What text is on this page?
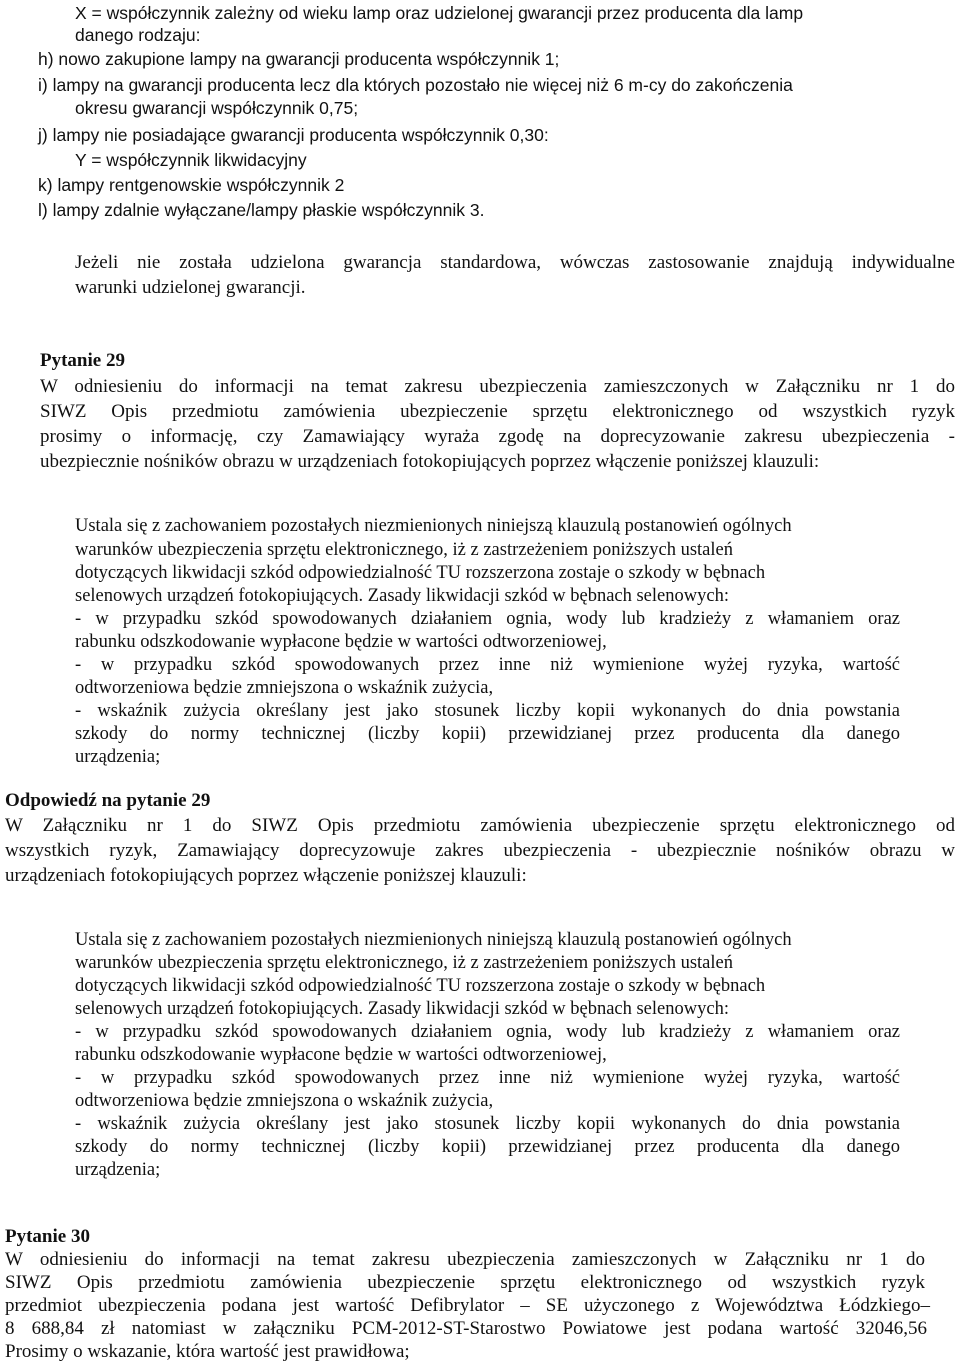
X = współczynnik zależny od wieku lamp oraz udzielonej gwarancji przez producenta dla lamp
danego rodzaju:
h) nowo zakupione lampy na gwarancji producenta współczynnik 1;
i) lampy na gwarancji producenta lecz dla których pozostało nie więcej niż 6 m-cy do zakończenia
okresu gwarancji współczynnik 0,75;
j) lampy nie posiadające gwarancji producenta współczynnik 0,30:
Y = współczynnik likwidacyjny
k) lampy rentgenowskie współczynnik 2
l) lampy zdalnie wyłączane/lampy płaskie współczynnik 3.
Jeżeli nie została udzielona gwarancja standardowa, wówczas zastosowanie znajdują indywidualne
warunki udzielonej gwarancji.
Pytanie 29
W odniesieniu do informacji na temat zakresu ubezpieczenia zamieszczonych w Załączniku nr 1 do
SIWZ Opis przedmiotu zamówienia ubezpieczenie sprzętu elektronicznego od wszystkich ryzyk
prosimy o informację, czy Zamawiający wyraża zgodę na doprecyzowanie zakresu ubezpieczenia -
ubezpiecznie nośników obrazu w urządzeniach fotokopiujących poprzez włączenie poniższej klauzuli:
Ustala się z zachowaniem pozostałych niezmienionych niniejszą klauzulą postanowień ogólnych
warunków ubezpieczenia sprzętu elektronicznego, iż z zastrzeżeniem poniższych ustaleń
dotyczących likwidacji szkód odpowiedzialność TU rozszerzona zostaje o szkody w bębnach
selenowych urządzeń fotokopiujących. Zasady likwidacji szkód w bębnach selenowych:
- w przypadku szkód spowodowanych działaniem ognia, wody lub kradzieży z włamaniem oraz
rabunku odszkodowanie wypłacone będzie w wartości odtworzeniowej,
- w przypadku szkód spowodowanych przez inne niż wymienione wyżej ryzyka, wartość
odtworzeniowa będzie zmniejszona o wskaźnik zużycia,
- wskaźnik zużycia określany jest jako stosunek liczby kopii wykonanych do dnia powstania
szkody do normy technicznej (liczby kopii) przewidzianej przez producenta dla danego
urządzenia;
Odpowiedź na pytanie 29
W Załączniku nr 1 do SIWZ Opis przedmiotu zamówienia ubezpieczenie sprzętu elektronicznego od
wszystkich ryzyk, Zamawiający doprecyzowuje zakres ubezpieczenia - ubezpiecznie nośników obrazu w
urządzeniach fotokopiujących poprzez włączenie poniższej klauzuli:
Ustala się z zachowaniem pozostałych niezmienionych niniejszą klauzulą postanowień ogólnych
warunków ubezpieczenia sprzętu elektronicznego, iż z zastrzeżeniem poniższych ustaleń
dotyczących likwidacji szkód odpowiedzialność TU rozszerzona zostaje o szkody w bębnach
selenowych urządzeń fotokopiujących. Zasady likwidacji szkód w bębnach selenowych:
- w przypadku szkód spowodowanych działaniem ognia, wody lub kradzieży z włamaniem oraz
rabunku odszkodowanie wypłacone będzie w wartości odtworzeniowej,
- w przypadku szkód spowodowanych przez inne niż wymienione wyżej ryzyka, wartość
odtworzeniowa będzie zmniejszona o wskaźnik zużycia,
- wskaźnik zużycia określany jest jako stosunek liczby kopii wykonanych do dnia powstania
szkody do normy technicznej (liczby kopii) przewidzianej przez producenta dla danego
urządzenia;
Pytanie 30
W odniesieniu do informacji na temat zakresu ubezpieczenia zamieszczonych w Załączniku nr 1 do
SIWZ Opis przedmiotu zamówienia ubezpieczenie sprzętu elektronicznego od wszystkich ryzyk
przedmiot ubezpieczenia podana jest wartość Defibrylator – SE użyczonego z Województwa Łódzkiego–
8 688,84 zł natomiast w załączniku PCM-2012-ST-Starostwo Powiatowe jest podana wartość 32046,56
Prosimy o wskazanie, która wartość jest prawidłowa;
